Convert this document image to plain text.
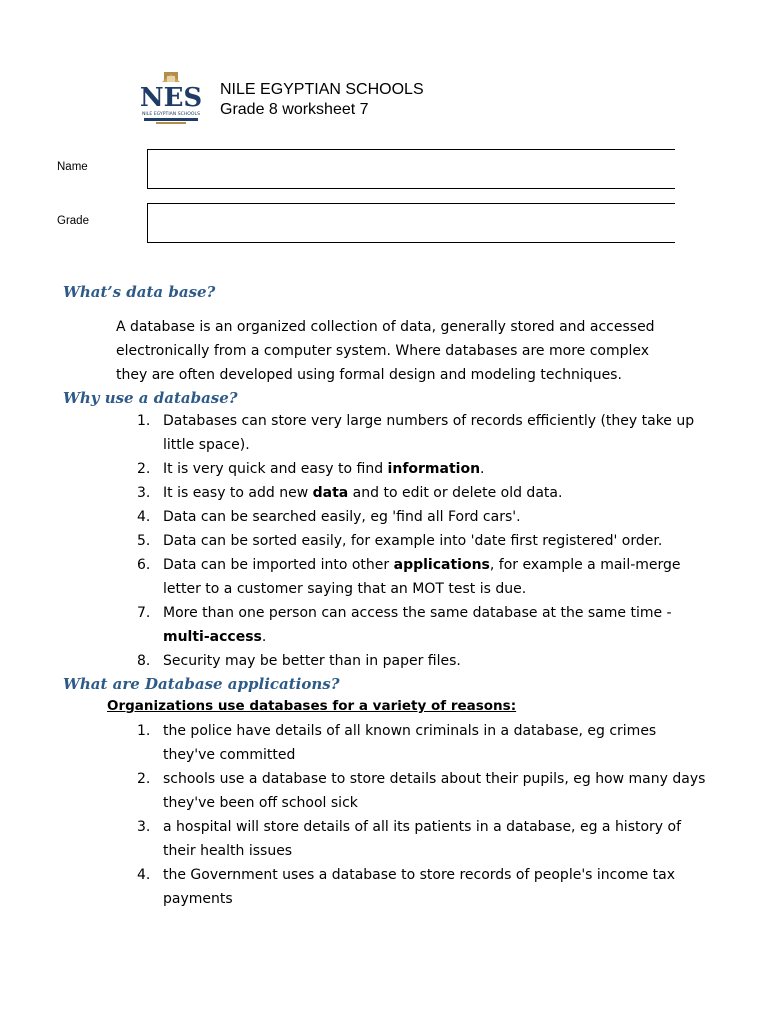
NES
NILE EGYPTIAN SCHOOLS
NILE EGYPTIAN SCHOOLS
Grade 8 worksheet 7
Name
Grade
What’s data base?
A database is an organized collection of data, generally stored and accessed electronically from a computer system. Where databases are more complex they are often developed using formal design and modeling techniques.
Why use a database?
1. Databases can store very large numbers of records efficiently (they take up little space).
2. It is very quick and easy to find information.
3. It is easy to add new data and to edit or delete old data.
4. Data can be searched easily, eg 'find all Ford cars'.
5. Data can be sorted easily, for example into 'date first registered' order.
6. Data can be imported into other applications, for example a mail-merge letter to a customer saying that an MOT test is due.
7. More than one person can access the same database at the same time - multi-access.
8. Security may be better than in paper files.
What are Database applications?
Organizations use databases for a variety of reasons:
1. the police have details of all known criminals in a database, eg crimes they've committed
2. schools use a database to store details about their pupils, eg how many days they've been off school sick
3. a hospital will store details of all its patients in a database, eg a history of their health issues
4. the Government uses a database to store records of people's income tax payments
